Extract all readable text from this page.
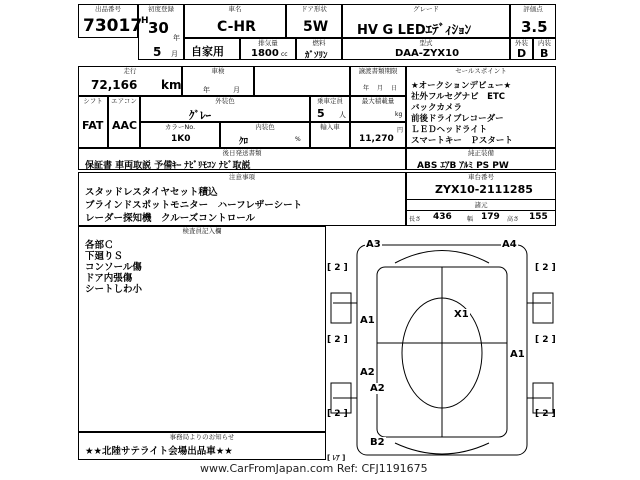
出品番号
73017
初度登録
H 30
年
5 月
車名
C-HR
自家用
ドア形状
5W
排気量
1800 cc
燃料
ｶﾞｿﾘﾝ
グレード
HV G LEDｴﾃﾞｨｼｮﾝ
型式
DAA-ZYX10
評価点
3.5
外装
D
内装
B
走行
72,166 km
車検
年	月
譲渡書類期限
年 月 日
シフト
FAT
エアコン
AAC
外装色
ｸﾞﾚｰ
乗車定員
5 人
最大積載量
kg
カラーNo.
1K0
内装色
ｸﾛ	%
輸入車	円
11,270
セールスポイント
★オークションデビュー★
社外フルセグナビ　ETC
バックカメラ
前後ドライブレコーダー
ＬＥＤヘッドライト
スマートキー　Ｐスタート
後日発送書類
保証書 車両取説 予備ｷｰ ﾅﾋﾞﾘﾓｺﾝ ﾅﾋﾞ取説
純正装備
ABS ｴｱB ｱﾙﾐ PS PW
注意事項
スタッドレスタイヤセット積込
ブラインドスポットモニター　ハーフレザーシート
レーダー探知機　クルーズコントロール
車台番号
ZYX10-2111285
諸元
長さ 436	幅 179 高さ 155
検査員記入欄
各部Ｃ
下廻りＳ
コンソール傷
ドア内張傷
シートしわ小
事務局よりのお知らせ
★★北陸サテライト会場出品車★★
A3	A4
X1
A1
A1
A2
A2
B2
[ 2 ]	[ 2 ]
[ 2 ]	[ 2 ]
[ 2 ]	[ 2 ]
[ ﾚｱ ]
www.CarFromJapan.com Ref: CFJ1191675
